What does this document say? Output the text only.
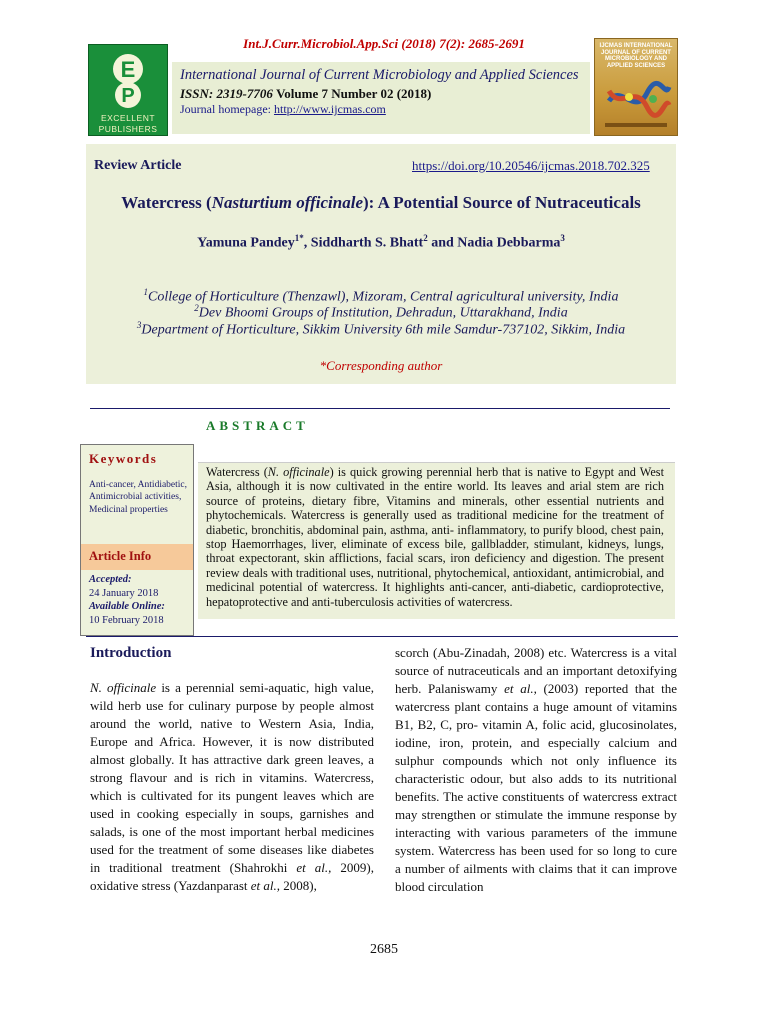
Int.J.Curr.Microbiol.App.Sci (2018) 7(2): 2685-2691
E
P
EXCELLENT
PUBLISHERS
International Journal of Current Microbiology and Applied Sciences
ISSN: 2319-7706 Volume 7 Number 02 (2018)
Journal homepage: http://www.ijcmas.com
IJCMAS INTERNATIONAL JOURNAL OF CURRENT MICROBIOLOGY AND APPLIED SCIENCES
Review Article	https://doi.org/10.20546/ijcmas.2018.702.325
Watercress (Nasturtium officinale): A Potential Source of Nutraceuticals
Yamuna Pandey$^{1*}$, Siddharth S. Bhatt$^2$ and Nadia Debbarma$^3$
$^1$College of Horticulture (Thenzawl), Mizoram, Central agricultural university, India
$^2$Dev Bhoomi Groups of Institution, Dehradun, Uttarakhand, India
$^3$Department of Horticulture, Sikkim University 6th mile Samdur-737102, Sikkim, India
*Corresponding author
ABSTRACT
Keywords
Anti-cancer, Antidiabetic, Antimicrobial activities, Medicinal properties
Article Info
Accepted:
24 January 2018
Available Online:
10 February 2018
Watercress (N. officinale) is quick growing perennial herb that is native to Egypt and West Asia, although it is now cultivated in the entire world. Its leaves and arial stem are rich source of proteins, dietary fibre, Vitamins and minerals, other essential nutrients and phytochemicals. Watercress is generally used as traditional medicine for the treatment of diabetic, bronchitis, abdominal pain, asthma, anti- inflammatory, to purify blood, chest pain, stop Haemorrhages, liver, eliminate of excess bile, gallbladder, stimulant, kidneys, lungs, throat expectorant, skin afflictions, facial scars, iron deficiency and digestion. The present review deals with traditional uses, nutritional, phytochemical, antioxidant, antimicrobial, and medicinal potential of watercress. It highlights anti-cancer, anti-diabetic, cardioprotective, hepatoprotective and anti-tuberculosis activities of watercress.
Introduction
N. officinale is a perennial semi-aquatic, high value, wild herb use for culinary purpose by people almost around the world, native to Western Asia, India, Europe and Africa. However, it is now distributed almost globally. It has attractive dark green leaves, a strong flavour and is rich in vitamins. Watercress, which is cultivated for its pungent leaves which are used in cooking especially in soups, garnishes and salads, is one of the most important herbal medicines used for the treatment of some diseases like diabetes in traditional treatment (Shahrokhi et al., 2009), oxidative stress (Yazdanparast et al., 2008),
scorch (Abu-Zinadah, 2008) etc. Watercress is a vital source of nutraceuticals and an important detoxifying herb. Palaniswamy et al., (2003) reported that the watercress plant contains a huge amount of vitamins B1, B2, C, pro- vitamin A, folic acid, glucosinolates, iodine, iron, protein, and especially calcium and sulphur compounds which not only influence its characteristic odour, but also adds to its nutritional benefits. The active constituents of watercress extract may strengthen or stimulate the immune response by interacting with various parameters of the immune system. Watercress has been used for so long to cure a number of ailments with claims that it can improve blood circulation
2685
